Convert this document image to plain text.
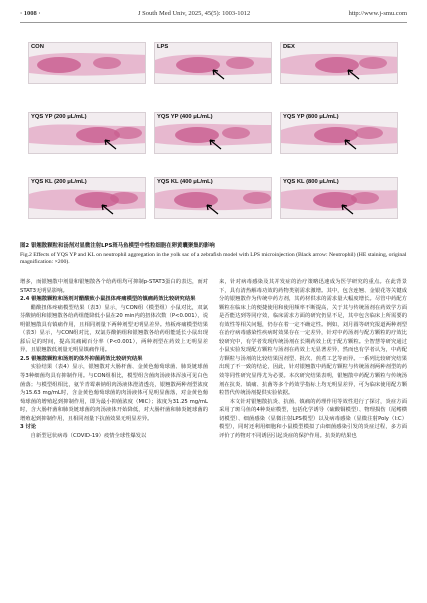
· 1008 ·	J South Med Univ, 2025, 45(5): 1003-1012	http://www.j-smu.com
CON	LPS	DEX
YQS YP (200 μL/mL)	YQS YP (400 μL/mL)	YQS YP (800 μL/mL)
YQS KL (200 μL/mL)	YQS KL (400 μL/mL)	YQS KL (800 μL/mL)
图2 银翘散颗粒和汤剂对显微注射LPS斑马鱼模型中性粒细胞在卵黄囊聚集的影响
Fig.2 Effects of YQS YP and KL on neutrophil aggregation in the yolk sac of a zebrafish model with LPS microinjection (Black arrow: Neutrophil) (HE staining, original magnification: ×200).

增多，而银翘散中剂量和银翘散各个给药组均可抑制p-STAT3蛋白的表达，而对STAT3无明显影响。

2.4 银翘散颗粒和汤剂对醋酸致小鼠扭体疼痛模型的镇痛药效比较研究结果

醋酸扭体疼痛模型结果（表3）显示，与CON组（模型组）小鼠对比，双氯芬酸钠组和银翘散各给药组能降低小鼠在20 min内的扭体次数（P<0.001），说明银翘散具有镇痛作用，且相同剂量下两种剂型无明显差异。热板疼痛模型结果（表3）显示，与CON组对比，双氯芬酸钠组和银翘散各给药组能延长小鼠出现舔后足的时间，提高其痛阈百分率（P<0.001），两种剂型在药效上无明显差异，且银翘散低剂量无明显镇痛作用。

2.5 银翘散颗粒和汤剂的体外抑菌药效比较研究结果

实验结果（表4）显示，银翘散对大肠杆菌、金黄色葡萄球菌、肺炎链球菌等3种细菌均具有抑制作用。与CON组相比，模型组含菌肉汤液体浑浊可见白色菌落；与模型组相比，氨苄青霉素钠组肉汤液体澄清透亮，银翘散两种剂型浓度为15.63 mg/mL时，含金黄色葡萄球菌的肉汤液体可见明显菌落，对金黄色葡萄球菌的增殖起到抑制作用，即为最小抑菌浓度（MIC）；浓度为31.25 mg/mL时，含大肠杆菌和肺炎链球菌的肉汤液体开始降低，对大肠杆菌和肺炎链球菌的增殖起到抑制作用，且相同剂量下抗菌效果无明显差异。

3 讨论

自新型冠状病毒（COVID-19）疫情全球性爆发以

来，针对病毒感染及其并发症的治疗策略迅速成为医学研究的重点。在此背景下，具有清热解毒功效的药物类别需求激增。其中，包含连翘、金银花等关键成分的银翘散作为传统中药方剂，其药材供求的需求量大幅度增长。尽管中药配方颗粒在临床上的便捷使用和使用频率不断提高，关于其与传统汤剂在药效学方面是否能达到等同疗效，临床需求方面的研究仍显不足，其中包含临床上所需要的有效性等相关问题，仍存在着一定不确定性。例如，刘月圆等研究报道两种剂型在治疗病毒感染性疾病时效果存在一定差异，针对中药汤剂与配方颗粒的疗效比较研究中，有学者发现传统汤剂在长期药效上优于配方颗粒。全智慧等研究通过小鼠实验发现配方颗粒与汤剂在药效上无显著差异，然而也有学者认为，中药配方颗粒与汤剂的比较结果因剂型、批次、煎煮工艺等而异。一系列比较研究结果出现了不一致的结论，因此，针对银翘散中药配方颗粒与传统汤剂两种剂型的药效等同性研究显得尤为必要。本次研究结果表明，银翘散中药配方颗粒与传统汤剂在抗炎、镇痛、抗菌等多个药效学指标上均无明显差异，可为临床使用配方颗粒替代传统汤剂提供实验依据。

本文针对银翘散抗炎、抗菌、镇痛的药理作用等效性进行了探讨，炎症方面采用了斑马鱼的4种炎症模型，包括化学诱导（硫酸铜模型）、物理损伤（尾鳍横切模型）、细菌感染（显微注射LPS模型）以及病毒感染（显微注射Poly（I:C）模型），同时还利用细胞和小鼠模型模拟了由细菌感染引发的炎症过程，多方面评价了药物对不同诱因引起炎症的保护作用。抗炎的结果也
